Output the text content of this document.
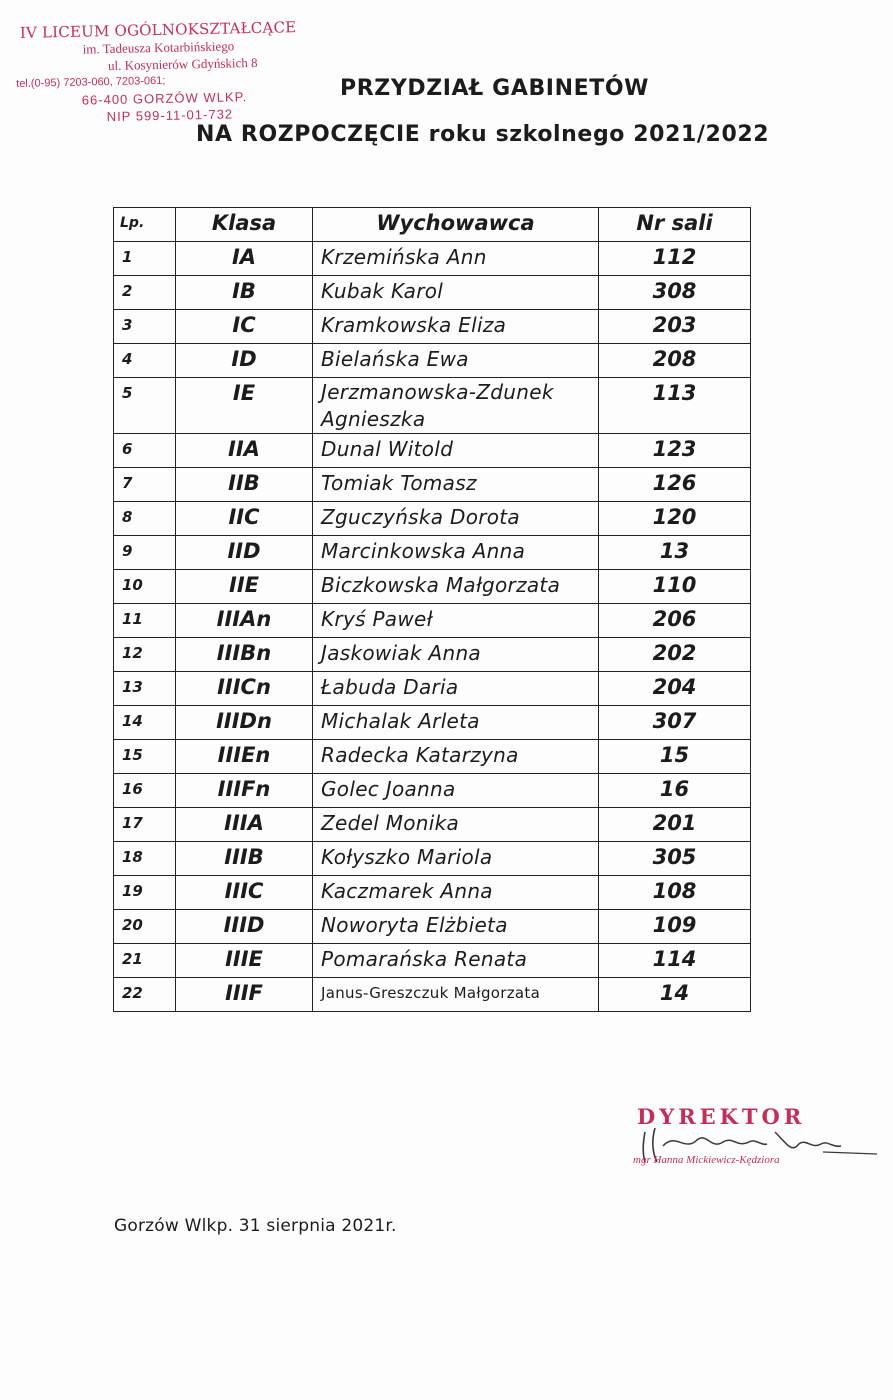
IV LICEUM OGÓLNOKSZTAŁCĄCE
im. Tadeusza Kotarbińskiego
ul. Kosynierów Gdyńskich 8
tel.(0-95) 7203-060, 7203-061;
66-400 GORZÓW WLKP.
NIP 599-11-01-732
PRZYDZIAŁ GABINETÓW
NA ROZPOCZĘCIE roku szkolnego 2021/2022
Lp.	Klasa	Wychowawca	Nr sali
1	IA	Krzemińska Ann	112
2	IB	Kubak Karol	308
3	IC	Kramkowska Eliza	203
4	ID	Bielańska Ewa	208
5	IE	Jerzmanowska-Zdunek Agnieszka	113
6	IIA	Dunal Witold	123
7	IIB	Tomiak Tomasz	126
8	IIC	Zguczyńska Dorota	120
9	IID	Marcinkowska Anna	13
10	IIE	Biczkowska Małgorzata	110
11	IIIAn	Kryś Paweł	206
12	IIIBn	Jaskowiak Anna	202
13	IIICn	Łabuda Daria	204
14	IIIDn	Michalak Arleta	307
15	IIIEn	Radecka Katarzyna	15
16	IIIFn	Golec Joanna	16
17	IIIA	Zedel Monika	201
18	IIIB	Kołyszko Mariola	305
19	IIIC	Kaczmarek Anna	108
20	IIID	Noworyta Elżbieta	109
21	IIIE	Pomarańska Renata	114
22	IIIF	Janus-Greszczuk Małgorzata	14
DYREKTOR
mgr Hanna Mickiewicz-Kędziora
Gorzów Wlkp. 31 sierpnia 2021r.
